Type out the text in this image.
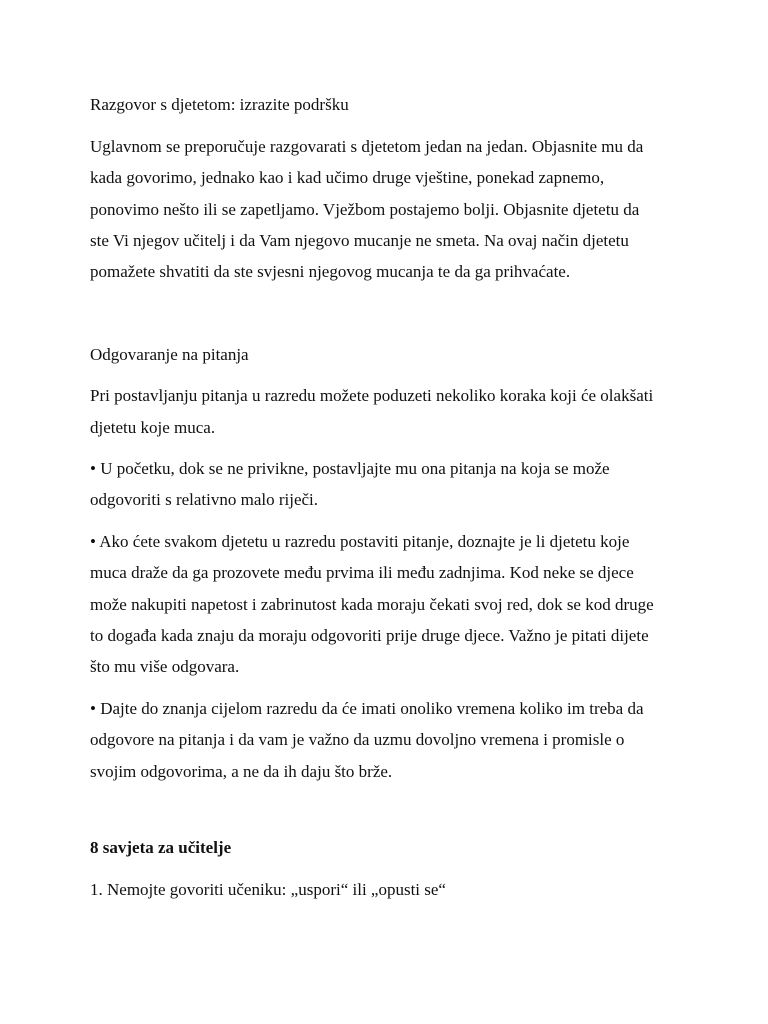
Razgovor s djetetom: izrazite podršku
Uglavnom se preporučuje razgovarati s djetetom jedan na jedan. Objasnite mu da
kada govorimo, jednako kao i kad učimo druge vještine, ponekad zapnemo,
ponovimo nešto ili se zapetljamo. Vježbom postajemo bolji. Objasnite djetetu da
ste Vi njegov učitelj i da Vam njegovo mucanje ne smeta. Na ovaj način djetetu
pomažete shvatiti da ste svjesni njegovog mucanja te da ga prihvaćate.
Odgovaranje na pitanja
Pri postavljanju pitanja u razredu možete poduzeti nekoliko koraka koji će olakšati
djetetu koje muca.
• U početku, dok se ne privikne, postavljajte mu ona pitanja na koja se može
odgovoriti s relativno malo riječi.
• Ako ćete svakom djetetu u razredu postaviti pitanje, doznajte je li djetetu koje
muca draže da ga prozovete među prvima ili među zadnjima. Kod neke se djece
može nakupiti napetost i zabrinutost kada moraju čekati svoj red, dok se kod druge
to događa kada znaju da moraju odgovoriti prije druge djece. Važno je pitati dijete
što mu više odgovara.
• Dajte do znanja cijelom razredu da će imati onoliko vremena koliko im treba da
odgovore na pitanja i da vam je važno da uzmu dovoljno vremena i promisle o
svojim odgovorima, a ne da ih daju što brže.
8 savjeta za učitelje
1. Nemojte govoriti učeniku: „uspori“ ili „opusti se“
